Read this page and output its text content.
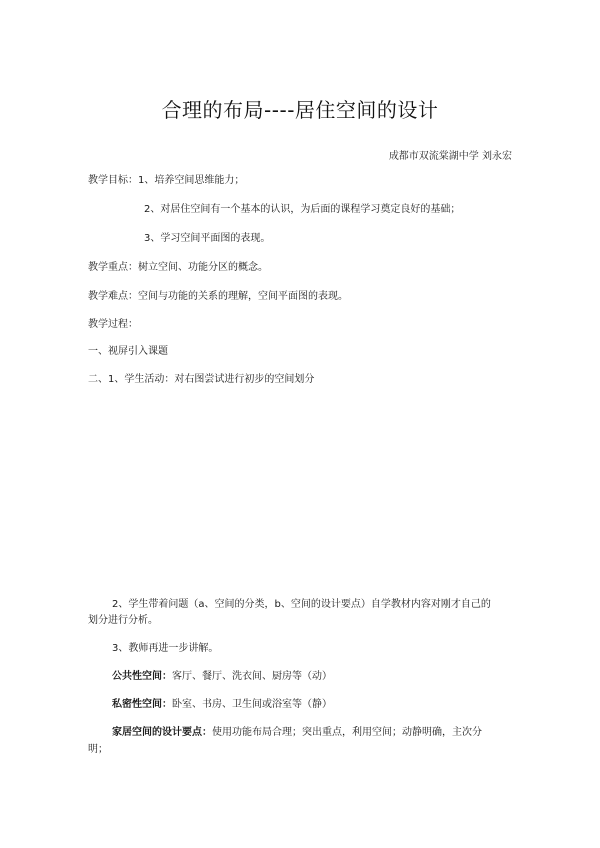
合理的布局----居住空间的设计
成都市双流棠湖中学 刘永宏
教学目标：1、培养空间思维能力；
2、对居住空间有一个基本的认识，为后面的课程学习奠定良好的基础；
3、学习空间平面图的表现。
教学重点：树立空间、功能分区的概念。
教学难点：空间与功能的关系的理解，空间平面图的表现。
教学过程：
一、视屏引入课题
二、1、学生活动：对右图尝试进行初步的空间划分
2、学生带着问题（a、空间的分类，b、空间的设计要点）自学教材内容对刚才自己的
划分进行分析。
3、教师再进一步讲解。
公共性空间：客厅、餐厅、洗衣间、厨房等（动）
私密性空间：卧室、书房、卫生间或浴室等（静）
家居空间的设计要点：使用功能布局合理；突出重点，利用空间；动静明确，主次分
明；
